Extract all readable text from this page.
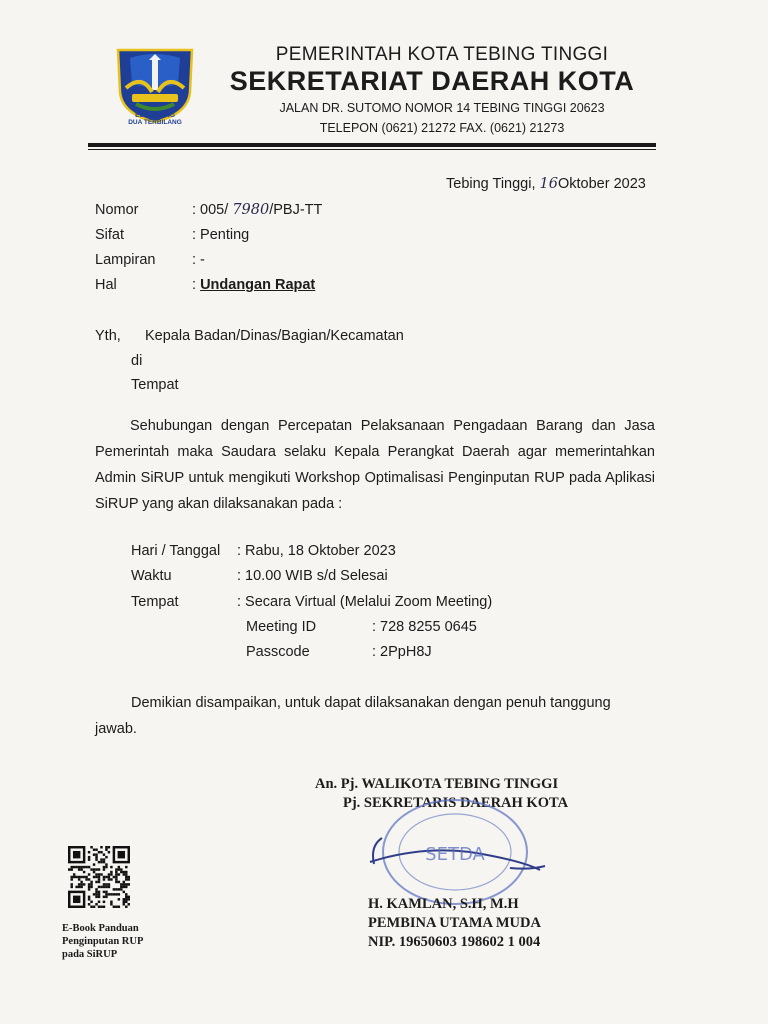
ESA HILANG
DUA TERBILANG
PEMERINTAH KOTA TEBING TINGGI
SEKRETARIAT DAERAH KOTA
JALAN DR. SUTOMO NOMOR 14 TEBING TINGGI 20623
TELEPON (0621) 21272 FAX. (0621) 21273
Tebing Tinggi, 16Oktober 2023
Nomor	: 005/ 7980/PBJ-TT
Sifat	: Penting
Lampiran	: -
Hal	: Undangan Rapat
Yth, Kepala Badan/Dinas/Bagian/Kecamatan
di
Tempat
Sehubungan dengan Percepatan Pelaksanaan Pengadaan Barang dan Jasa Pemerintah maka Saudara selaku Kepala Perangkat Daerah agar memerintahkan Admin SiRUP untuk mengikuti Workshop Optimalisasi Penginputan RUP pada Aplikasi SiRUP yang akan dilaksanakan pada :
Hari / Tanggal : Rabu, 18 Oktober 2023
Waktu	: 10.00 WIB s/d Selesai
Tempat	: Secara Virtual (Melalui Zoom Meeting)
Meeting ID	: 728 8255 0645
Passcode	: 2PpH8J
Demikian disampaikan, untuk dapat dilaksanakan dengan penuh tanggung
jawab.
An. Pj. WALIKOTA TEBING TINGGI
Pj. SEKRETARIS DAERAH KOTA
SETDA
H. KAMLAN, S.H, M.H
PEMBINA UTAMA MUDA
NIP. 19650603 198602 1 004
E-Book Panduan
Penginputan RUP
pada SiRUP
